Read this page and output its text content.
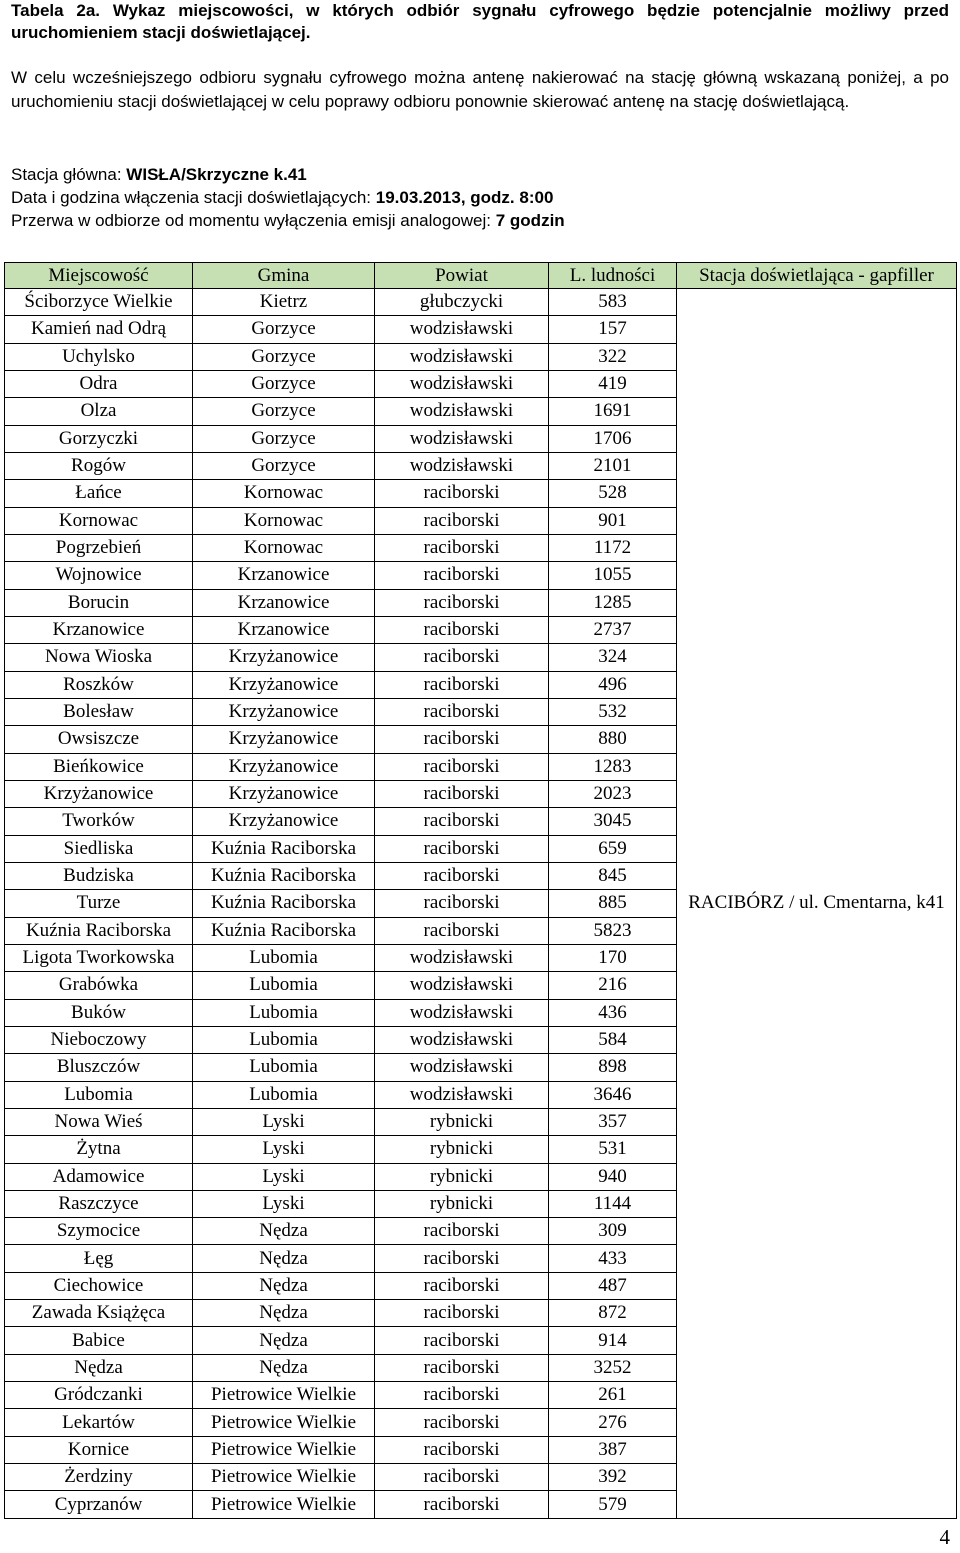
Tabela 2a. Wykaz miejscowości, w których odbiór sygnału cyfrowego będzie potencjalnie możliwy przed uruchomieniem stacji doświetlającej.
W celu wcześniejszego odbioru sygnału cyfrowego można antenę nakierować na stację główną wskazaną poniżej, a po uruchomieniu stacji doświetlającej w celu poprawy odbioru ponownie skierować antenę na stację doświetlającą.
Stacja główna: WISŁA/Skrzyczne k.41
Data i godzina włączenia stacji doświetlających: 19.03.2013, godz. 8:00
Przerwa w odbiorze od momentu wyłączenia emisji analogowej: 7 godzin
Miejscowość	Gmina	Powiat	L. ludności	Stacja doświetlająca - gapfiller
Ściborzyce Wielkie	Kietrz	głubczycki	583	RACIBÓRZ / ul. Cmentarna, k41
Kamień nad Odrą	Gorzyce	wodzisławski	157	
Uchylsko	Gorzyce	wodzisławski	322	
Odra	Gorzyce	wodzisławski	419	
Olza	Gorzyce	wodzisławski	1691	
Gorzyczki	Gorzyce	wodzisławski	1706	
Rogów	Gorzyce	wodzisławski	2101	
Łańce	Kornowac	raciborski	528	
Kornowac	Kornowac	raciborski	901	
Pogrzebień	Kornowac	raciborski	1172	
Wojnowice	Krzanowice	raciborski	1055	
Borucin	Krzanowice	raciborski	1285	
Krzanowice	Krzanowice	raciborski	2737	
Nowa Wioska	Krzyżanowice	raciborski	324	
Roszków	Krzyżanowice	raciborski	496	
Bolesław	Krzyżanowice	raciborski	532	
Owsiszcze	Krzyżanowice	raciborski	880	
Bieńkowice	Krzyżanowice	raciborski	1283	
Krzyżanowice	Krzyżanowice	raciborski	2023	
Tworków	Krzyżanowice	raciborski	3045	
Siedliska	Kuźnia Raciborska	raciborski	659	
Budziska	Kuźnia Raciborska	raciborski	845	
Turze	Kuźnia Raciborska	raciborski	885	
Kuźnia Raciborska	Kuźnia Raciborska	raciborski	5823	
Ligota Tworkowska	Lubomia	wodzisławski	170	
Grabówka	Lubomia	wodzisławski	216	
Buków	Lubomia	wodzisławski	436	
Nieboczowy	Lubomia	wodzisławski	584	
Bluszczów	Lubomia	wodzisławski	898	
Lubomia	Lubomia	wodzisławski	3646	
Nowa Wieś	Lyski	rybnicki	357	
Żytna	Lyski	rybnicki	531	
Adamowice	Lyski	rybnicki	940	
Raszczyce	Lyski	rybnicki	1144	
Szymocice	Nędza	raciborski	309	
Łęg	Nędza	raciborski	433	
Ciechowice	Nędza	raciborski	487	
Zawada Książęca	Nędza	raciborski	872	
Babice	Nędza	raciborski	914	
Nędza	Nędza	raciborski	3252	
Gródczanki	Pietrowice Wielkie	raciborski	261	
Lekartów	Pietrowice Wielkie	raciborski	276	
Kornice	Pietrowice Wielkie	raciborski	387	
Żerdziny	Pietrowice Wielkie	raciborski	392	
Cyprzanów	Pietrowice Wielkie	raciborski	579	
4
